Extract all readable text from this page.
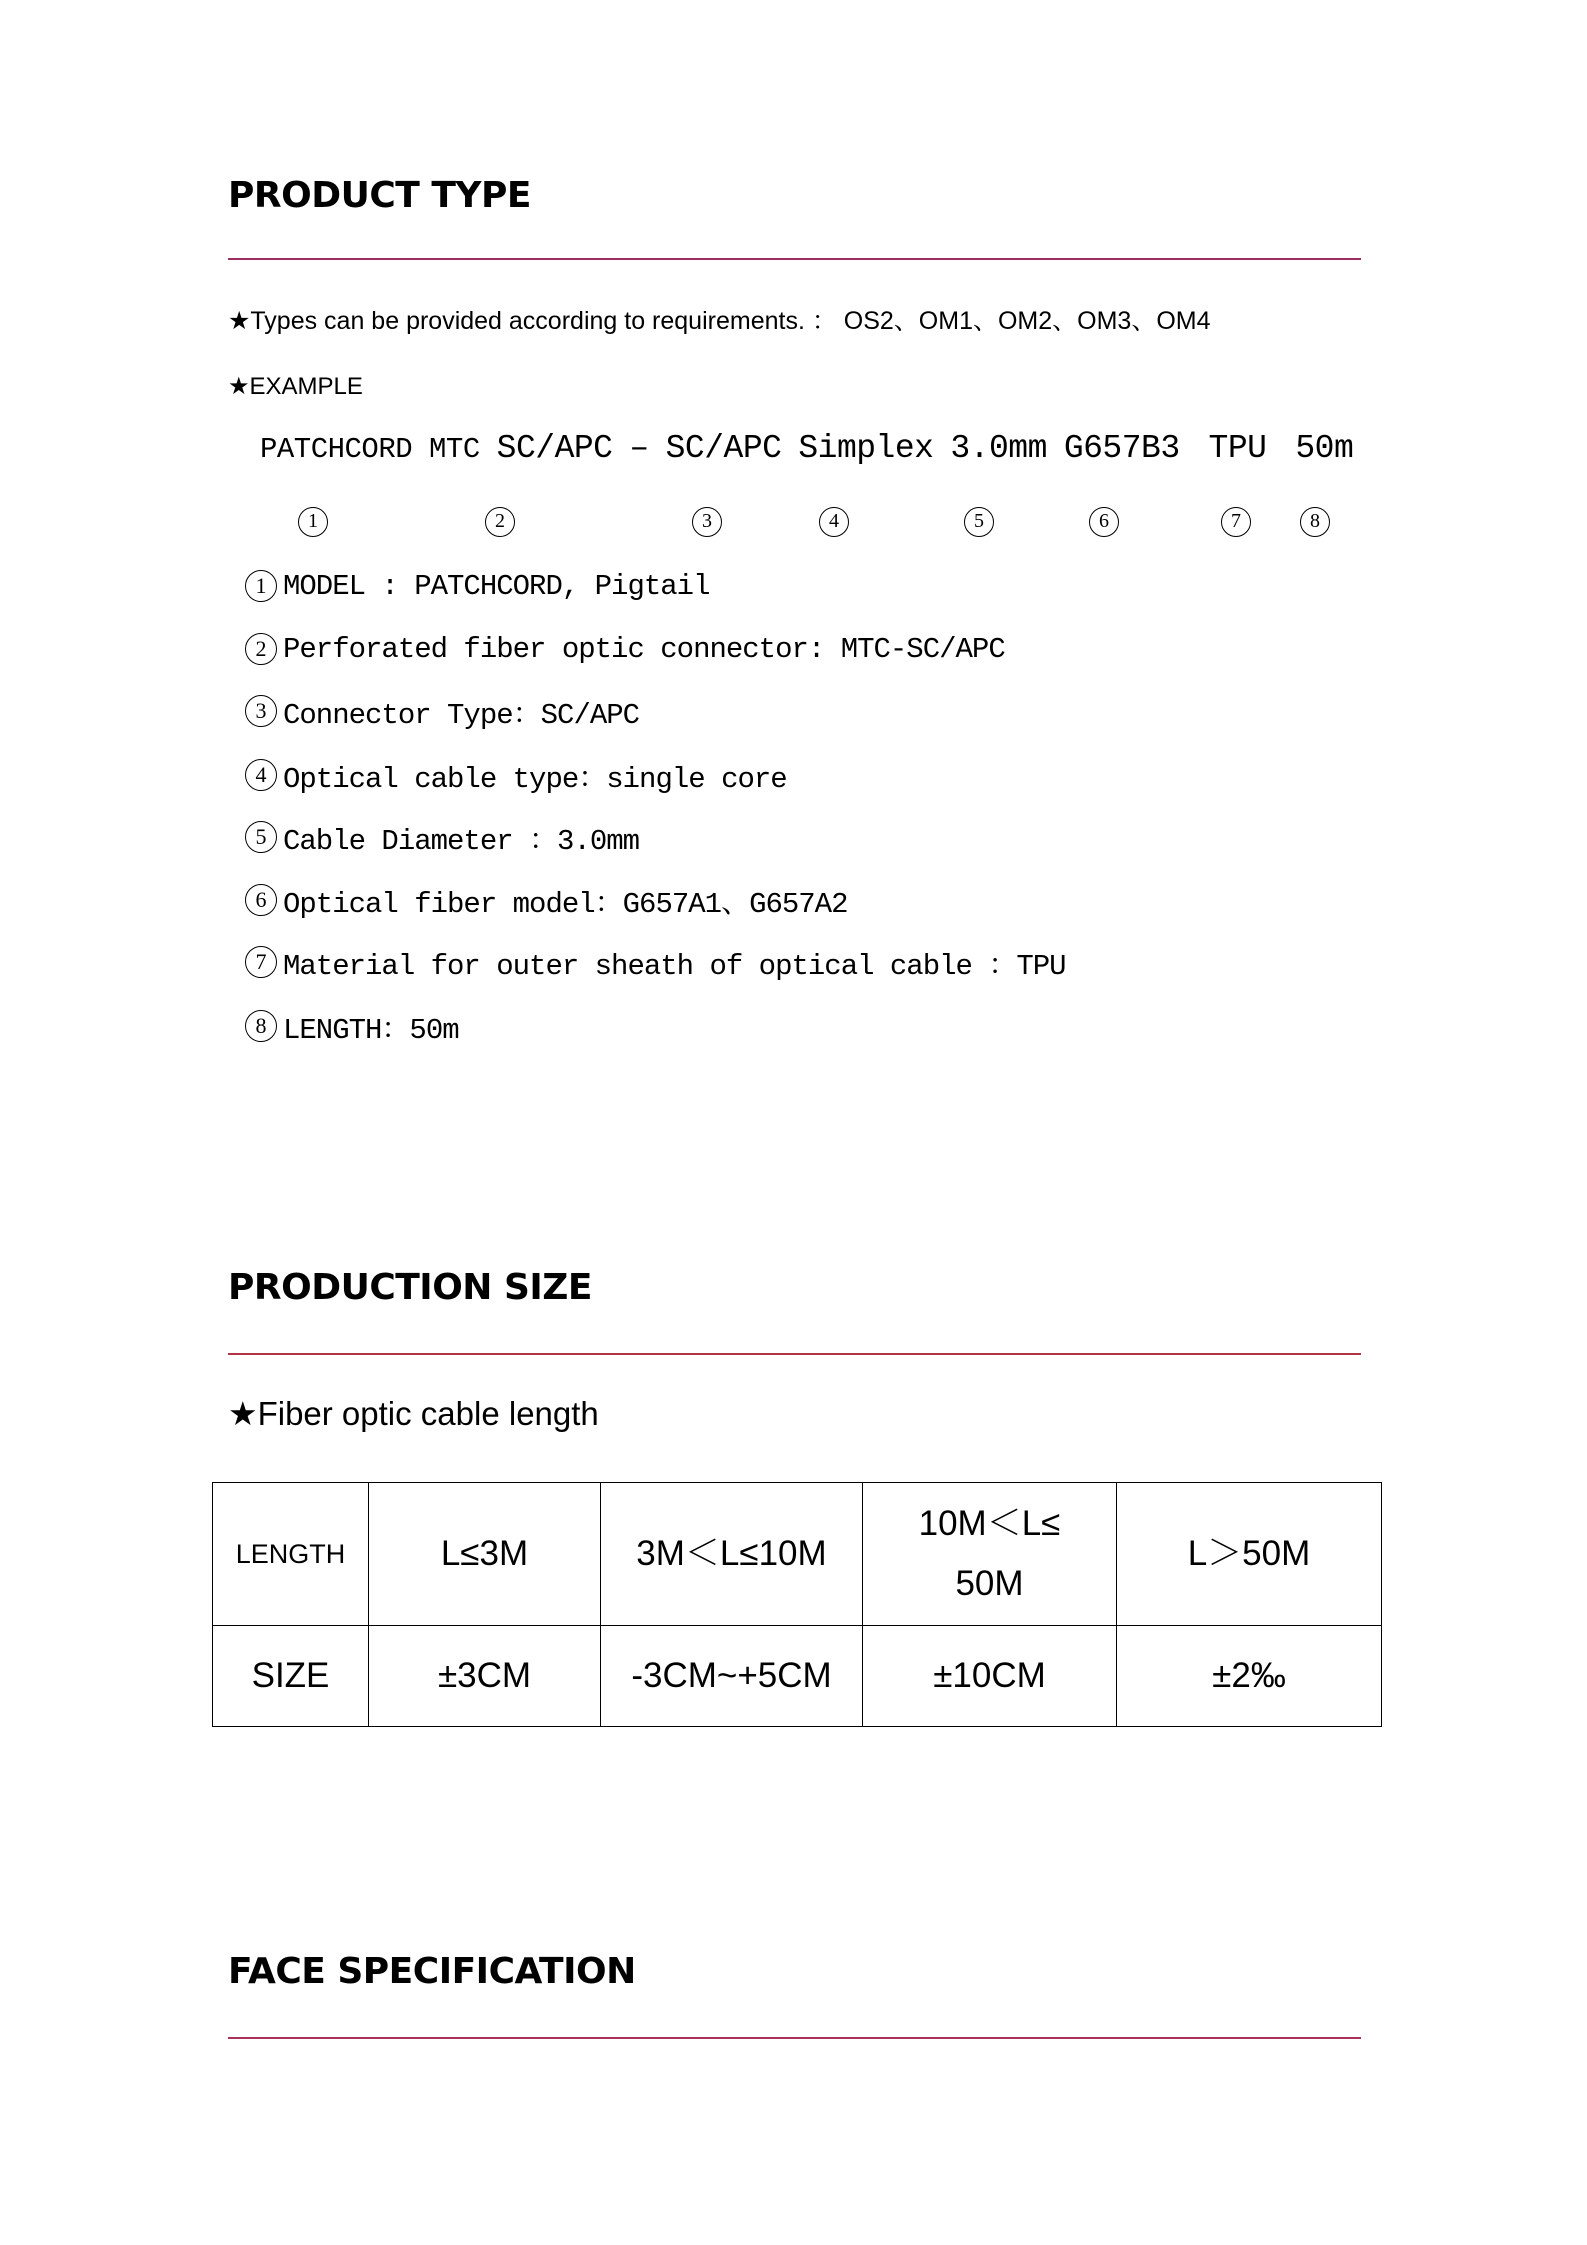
PRODUCT TYPE
★Types can be provided according to requirements. ： OS2、OM1、OM2、OM3、OM4
★EXAMPLE
PATCHCORD MTC SC/APC – SC/APC Simplex 3.0mm G657B3 TPU 50m
1	2	3	4	5	6	7	8
1 MODEL : PATCHCORD, Pigtail
2 Perforated fiber optic connector: MTC-SC/APC
3 Connector Type：SC/APC
4 Optical cable type：single core
5 Cable Diameter ：3.0mm
6 Optical fiber model：G657A1、G657A2
7 Material for outer sheath of optical cable ：TPU
8 LENGTH：50m
PRODUCTION SIZE
★Fiber optic cable length
LENGTH	L≤3M	3M＜L≤10M	10M＜L≤ 50M	L＞50M
SIZE	±3CM	-3CM~+5CM	±10CM	±2‰
FACE SPECIFICATION
